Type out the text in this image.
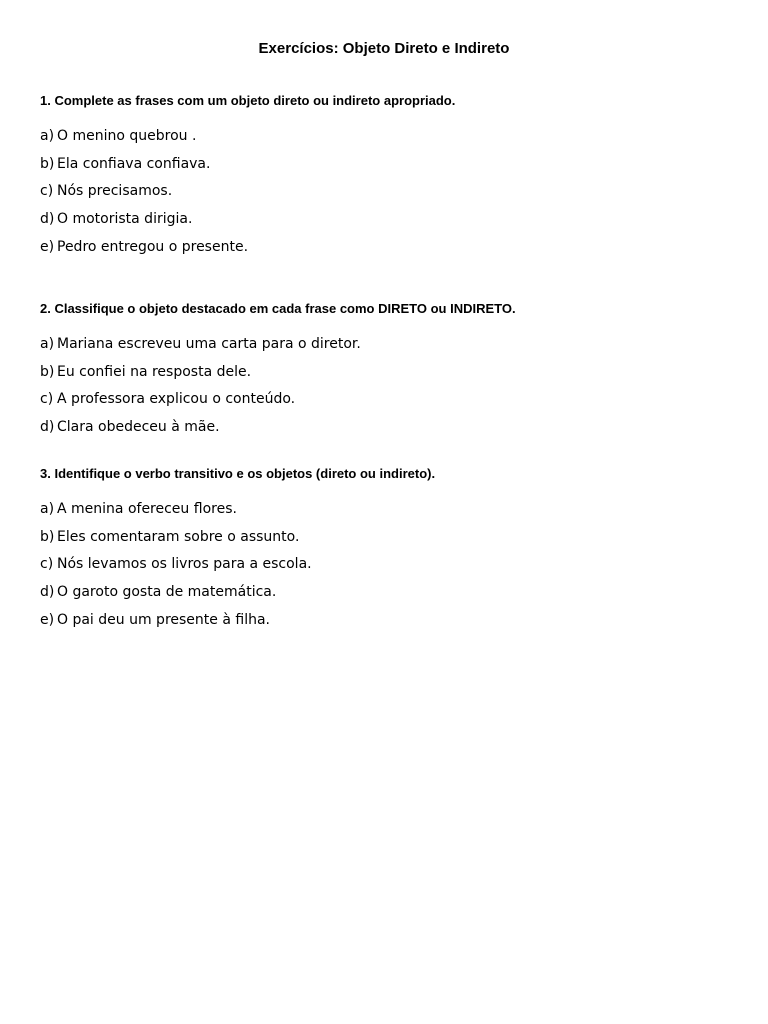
Exercícios: Objeto Direto e Indireto

1. Complete as frases com um objeto direto ou indireto apropriado.

a) O menino quebrou .
b) Ela confiava confiava.
c) Nós precisamos.
d) O motorista dirigia.
e) Pedro entregou o presente.

2. Classifique o objeto destacado em cada frase como DIRETO ou INDIRETO.

a) Mariana escreveu uma carta para o diretor.
b) Eu confiei na resposta dele.
c) A professora explicou o conteúdo.
d) Clara obedeceu à mãe.

3. Identifique o verbo transitivo e os objetos (direto ou indireto).

a) A menina ofereceu flores.
b) Eles comentaram sobre o assunto.
c) Nós levamos os livros para a escola.
d) O garoto gosta de matemática.
e) O pai deu um presente à filha.
